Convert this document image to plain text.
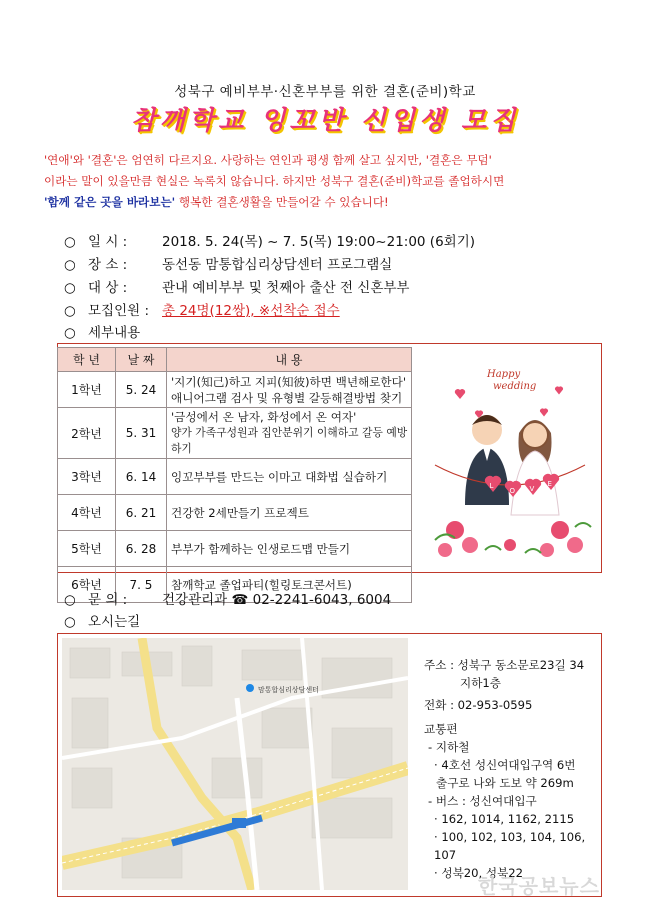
성북구 예비부부·신혼부부를 위한 결혼(준비)학교
참깨학교 잉꼬반 신입생 모집
'연애'와 '결혼'은 엄연히 다르지요. 사랑하는 연인과 평생 함께 살고 싶지만, '결혼은 무덤'
이라는 말이 있을만큼 현실은 녹록치 않습니다. 하지만 성북구 결혼(준비)학교를 졸업하시면
'함께 같은 곳을 바라보는' 행복한 결혼생활을 만들어갈 수 있습니다!
○ 일 시 :	2018. 5. 24(목) ~ 7. 5(목) 19:00~21:00 (6회기)
○ 장 소 :	동선동 맘통합심리상담센터 프로그램실
○ 대 상 :	관내 예비부부 및 첫째아 출산 전 신혼부부
○ 모집인원 : 총 24명(12쌍), ※선착순 접수
○ 세부내용
학 년	날 짜	내 용
1학년	5. 24	'지기(知己)하고 지피(知彼)하면 백년해로한다'
애니어그램 검사 및 유형별 갈등해결방법 찾기

2학년	5. 31	'금성에서 온 남자, 화성에서 온 여자'
양가 가족구성원과 집안분위기 이해하고 갈등 예방하기

3학년	6. 14	잉꼬부부를 만드는 이마고 대화법 실습하기
4학년	6. 21	건강한 2세만들기 프로젝트
5학년	6. 28	부부가 함께하는 인생로드맵 만들기
6학년	7. 5	참깨학교 졸업파티(힐링토크콘서트)
Happy
wedding
L
O V
E
○ 문 의 :	건강관리과 ☎ 02-2241-6043, 6004
○ 오시는길
맘통합심리상담센터
주소 : 성북구 동소문로23길 34
지하1층
전화 : 02-953-0595
교통편
- 지하철
· 4호선 성신여대입구역 6번
출구로 나와 도보 약 269m
- 버스 : 성신여대입구
· 162, 1014, 1162, 2115
· 100, 102, 103, 104, 106, 107
· 성북20, 성북22
한국공보뉴스
